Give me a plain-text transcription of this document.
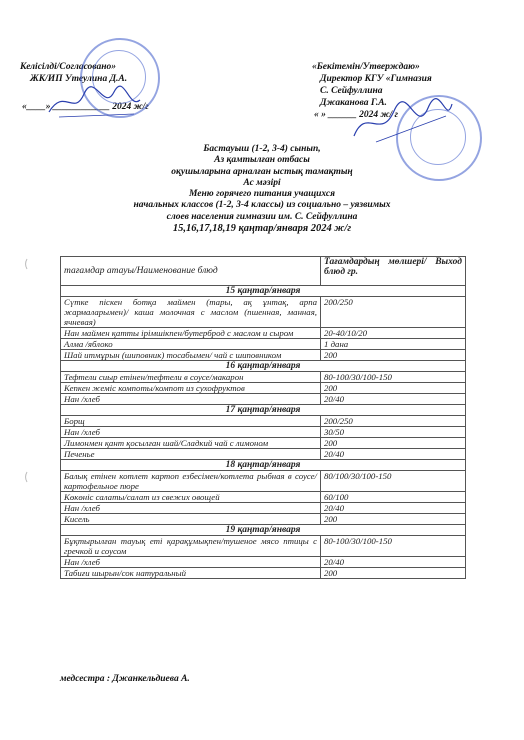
Келісілді/Согласовано»
ЖК/ИП Утеулина Д.А.
«____» ____________ 2024 ж/г
«Бекітемін/Утверждаю»
Директор КГУ «Гимназия
С. Сейфуллина
Джаканова Г.А.
« » ______ 2024 ж/ г
Бастауыш (1-2, 3-4) сынып,
Аз қамтылған отбасы
оқушыларына арналған ыстық тамақтың
Ас мәзірі
Меню горячего питания учащихся
начальных классов (1-2, 3-4 классы) из социально – уязвимых
слоев населения гимназии им. С. Сейфуллина
15,16,17,18,19 қаңтар/января 2024 ж/г
тағамдар атауы/Наименование блюд	Тағамдардың мөлшері/ Выход блюд гр.
15 қаңтар/января	
Сүтке піскен ботқа маймен (тары, ақ ұнтақ, арпа жармаларымен)/ каша молочная с маслом (пшенная, манная, ячневая)	200/250
Нан маймен қатты ірімшікпен/бутерброд с маслом и сыром	20-40/10/20
Алма /яблоко	1 дана
Шай итмұрын (шиповник) тосабымен/ чай с шиповником	200
16 қаңтар/января	
Тефтели сиыр етінен/тефтели в соусе/макарон	80-100/30/100-150
Кепкен жеміс компоты/компот из сухофруктов	200
Нан /хлеб	20/40
17 қаңтар/января	
Борщ	200/250
Нан /хлеб	30/50
Лимонмен қант қосылған шай/Сладкий чай с лимоном	200
Печенье	20/40
18 қаңтар/января	
Балық етінен котлет картоп езбесімен/котлета рыбная в соусе/картофельное пюре	80/100/30/100-150
Көкөніс салаты/салат из свежих овощей	60/100
Нан /хлеб	20/40
Кисель	200
19 қаңтар/января	
Бұқтырылған тауық еті қарақұмықпен/тушеное мясо птицы с гречкой и соусом	80-100/30/100-150
Нан /хлеб	20/40
Табиғи шырын/сок натуральный	200
медсестра : Джанкельдиева А.
